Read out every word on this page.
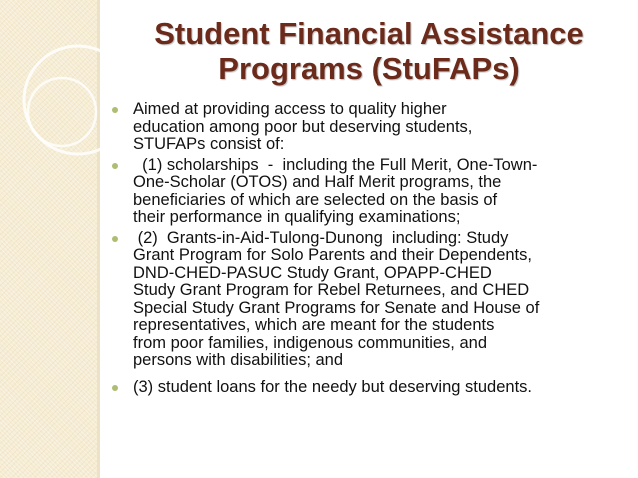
Student Financial Assistance
Programs (StuFAPs)
Aimed at providing access to quality higher
education among poor but deserving students,
STUFAPs consist of:
(1) scholarships  -  including the Full Merit, One-Town-
One-Scholar (OTOS) and Half Merit programs, the
beneficiaries of which are selected on the basis of
their performance in qualifying examinations;
(2)  Grants-in-Aid-Tulong-Dunong  including: Study
Grant Program for Solo Parents and their Dependents,
DND-CHED-PASUC Study Grant, OPAPP-CHED
Study Grant Program for Rebel Returnees, and CHED
Special Study Grant Programs for Senate and House of
representatives, which are meant for the students
from poor families, indigenous communities, and
persons with disabilities; and
(3) student loans for the needy but deserving students.
